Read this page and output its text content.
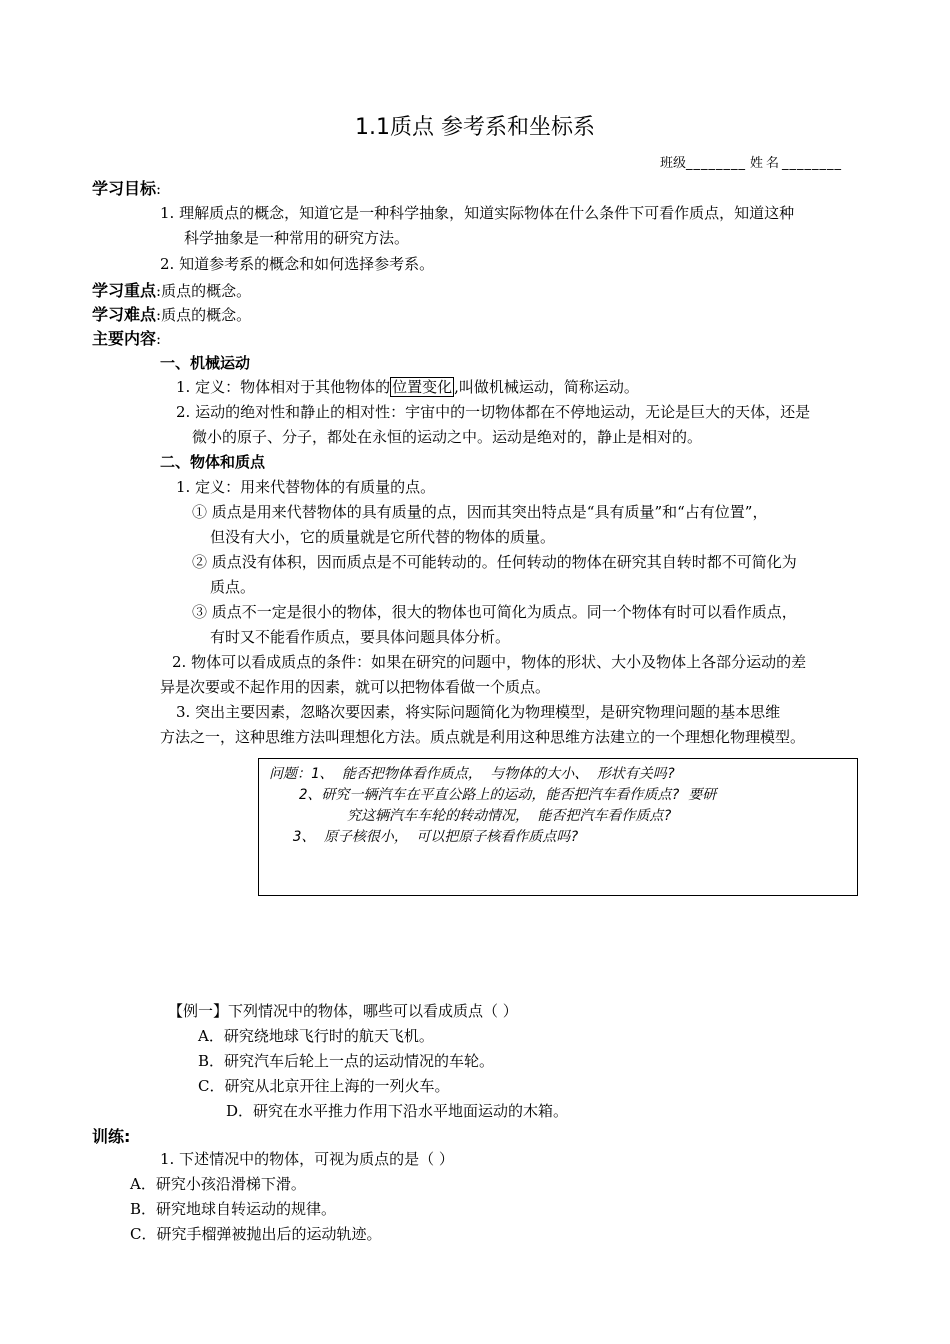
1.1质点 参考系和坐标系
班级________ 姓名________
学习目标:
1. 理解质点的概念，知道它是一种科学抽象，知道实际物体在什么条件下可看作质点，知道这种
科学抽象是一种常用的研究方法。
2. 知道参考系的概念和如何选择参考系。
学习重点:质点的概念。
学习难点:质点的概念。
主要内容:
一、机械运动
1. 定义：物体相对于其他物体的 位置变化 ,叫做机械运动，简称运动。
2. 运动的绝对性和静止的相对性：宇宙中的一切物体都在不停地运动，无论是巨大的天体，还是
微小的原子、分子，都处在永恒的运动之中。运动是绝对的，静止是相对的。
二、物体和质点
1. 定义：用来代替物体的有质量的点。
① 质点是用来代替物体的具有质量的点，因而其突出特点是“具有质量”和“占有位置”，
但没有大小，它的质量就是它所代替的物体的质量。
② 质点没有体积，因而质点是不可能转动的。任何转动的物体在研究其自转时都不可简化为
质点。
③ 质点不一定是很小的物体，很大的物体也可简化为质点。同一个物体有时可以看作质点，
有时又不能看作质点，要具体问题具体分析。
2. 物体可以看成质点的条件：如果在研究的问题中，物体的形状、大小及物体上各部分运动的差
异是次要或不起作用的因素，就可以把物体看做一个质点。
3. 突出主要因素，忽略次要因素，将实际问题简化为物理模型，是研究物理问题的基本思维
方法之一，这种思维方法叫理想化方法。质点就是利用这种思维方法建立的一个理想化物理模型。
问题：1、 能否把物体看作质点， 与物体的大小、 形状有关吗?
2、研究一辆汽车在平直公路上的运动，能否把汽车看作质点? 要研
究这辆汽车车轮的转动情况， 能否把汽车看作质点?
3、 原子核很小， 可以把原子核看作质点吗?
【例一】下列情况中的物体，哪些可以看成质点（ ）
A．研究绕地球飞行时的航天飞机。
B．研究汽车后轮上一点的运动情况的车轮。
C．研究从北京开往上海的一列火车。
D．研究在水平推力作用下沿水平地面运动的木箱。
训练:
1. 下述情况中的物体，可视为质点的是（ ）
A．研究小孩沿滑梯下滑。
B．研究地球自转运动的规律。
C．研究手榴弹被抛出后的运动轨迹。
